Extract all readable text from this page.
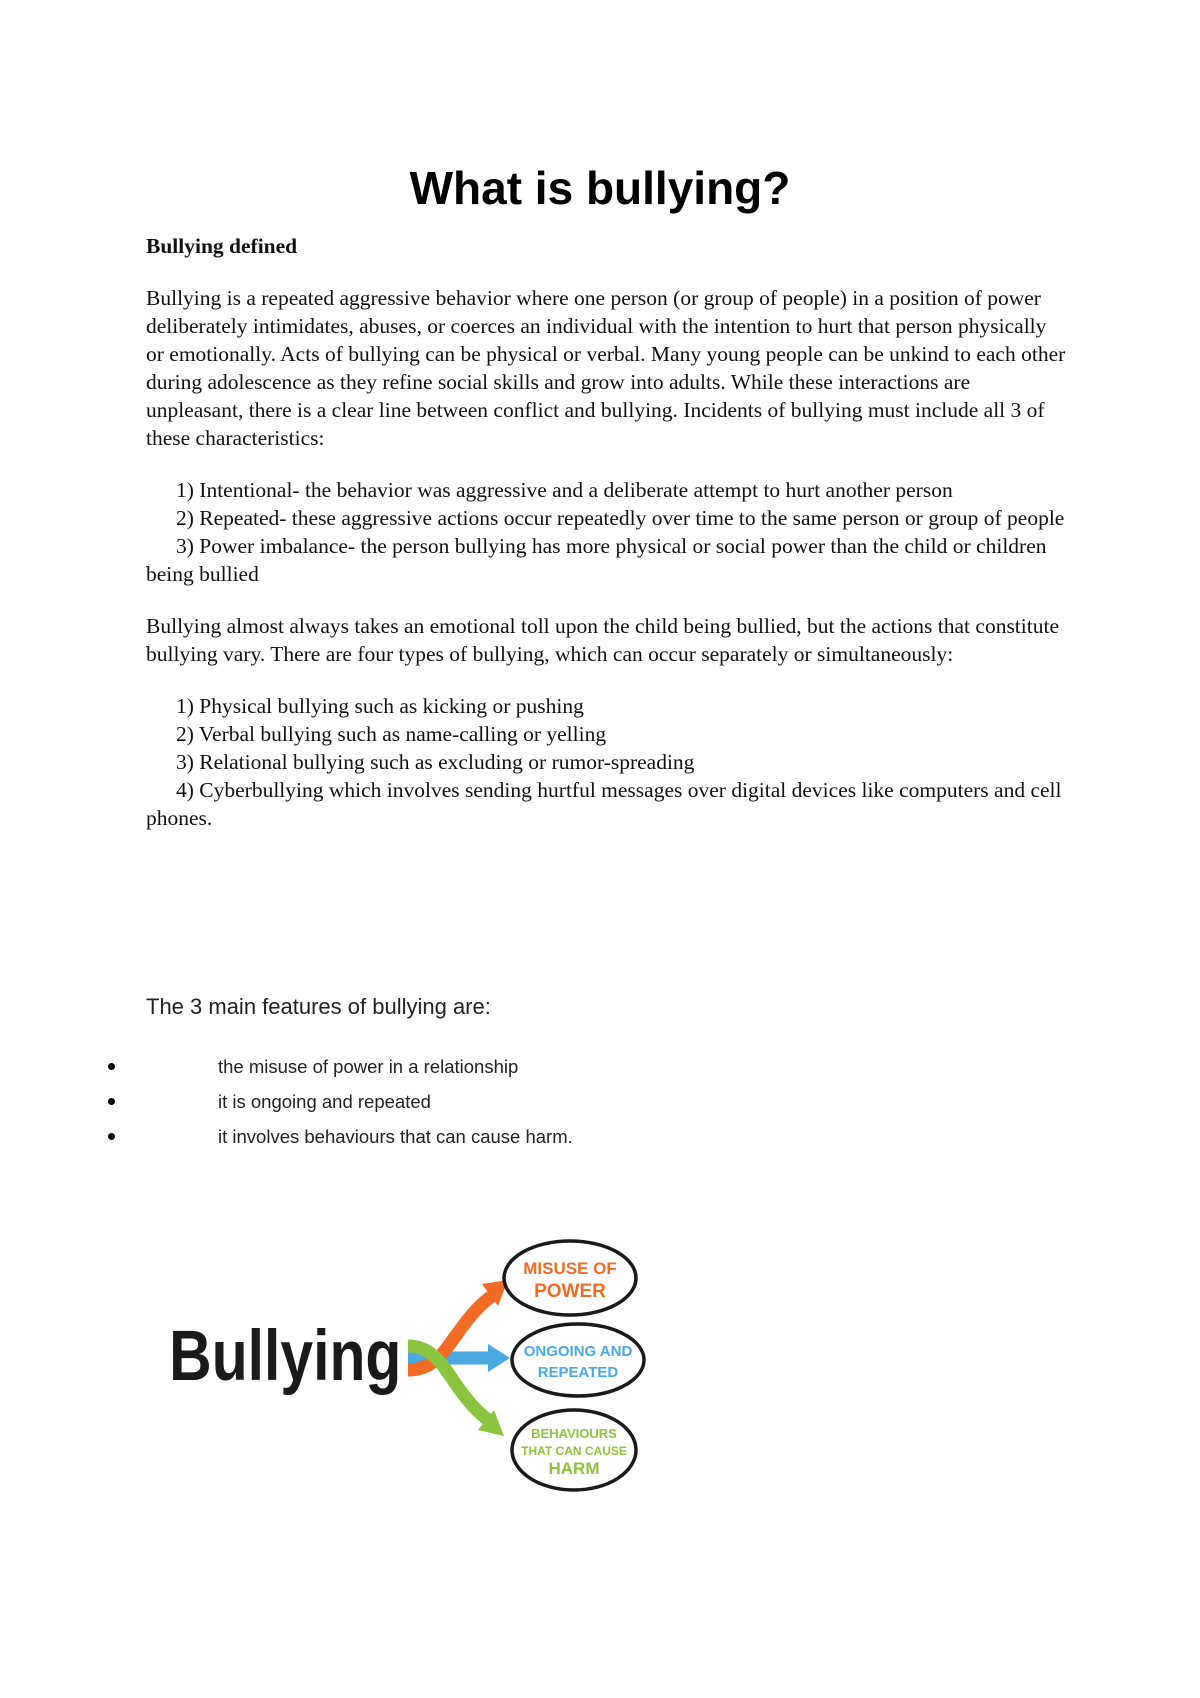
What is bullying?

Bullying defined

Bullying is a repeated aggressive behavior where one person (or group of people) in a position of power deliberately intimidates, abuses, or coerces an individual with the intention to hurt that person physically or emotionally. Acts of bullying can be physical or verbal. Many young people can be unkind to each other during adolescence as they refine social skills and grow into adults. While these interactions are unpleasant, there is a clear line between conflict and bullying. Incidents of bullying must include all 3 of these characteristics:

1) Intentional- the behavior was aggressive and a deliberate attempt to hurt another person
2) Repeated- these aggressive actions occur repeatedly over time to the same person or group of people
3) Power imbalance- the person bullying has more physical or social power than the child or children being bullied

Bullying almost always takes an emotional toll upon the child being bullied, but the actions that constitute bullying vary. There are four types of bullying, which can occur separately or simultaneously:

1) Physical bullying such as kicking or pushing
2) Verbal bullying such as name-calling or yelling
3) Relational bullying such as excluding or rumor-spreading
4) Cyberbullying which involves sending hurtful messages over digital devices like computers and cell phones.

The 3 main features of bullying are:

the misuse of power in a relationship
it is ongoing and repeated
it involves behaviours that can cause harm.
Bullying
MISUSE OF
POWER
ONGOING AND
REPEATED
BEHAVIOURS
THAT CAN CAUSE
HARM
